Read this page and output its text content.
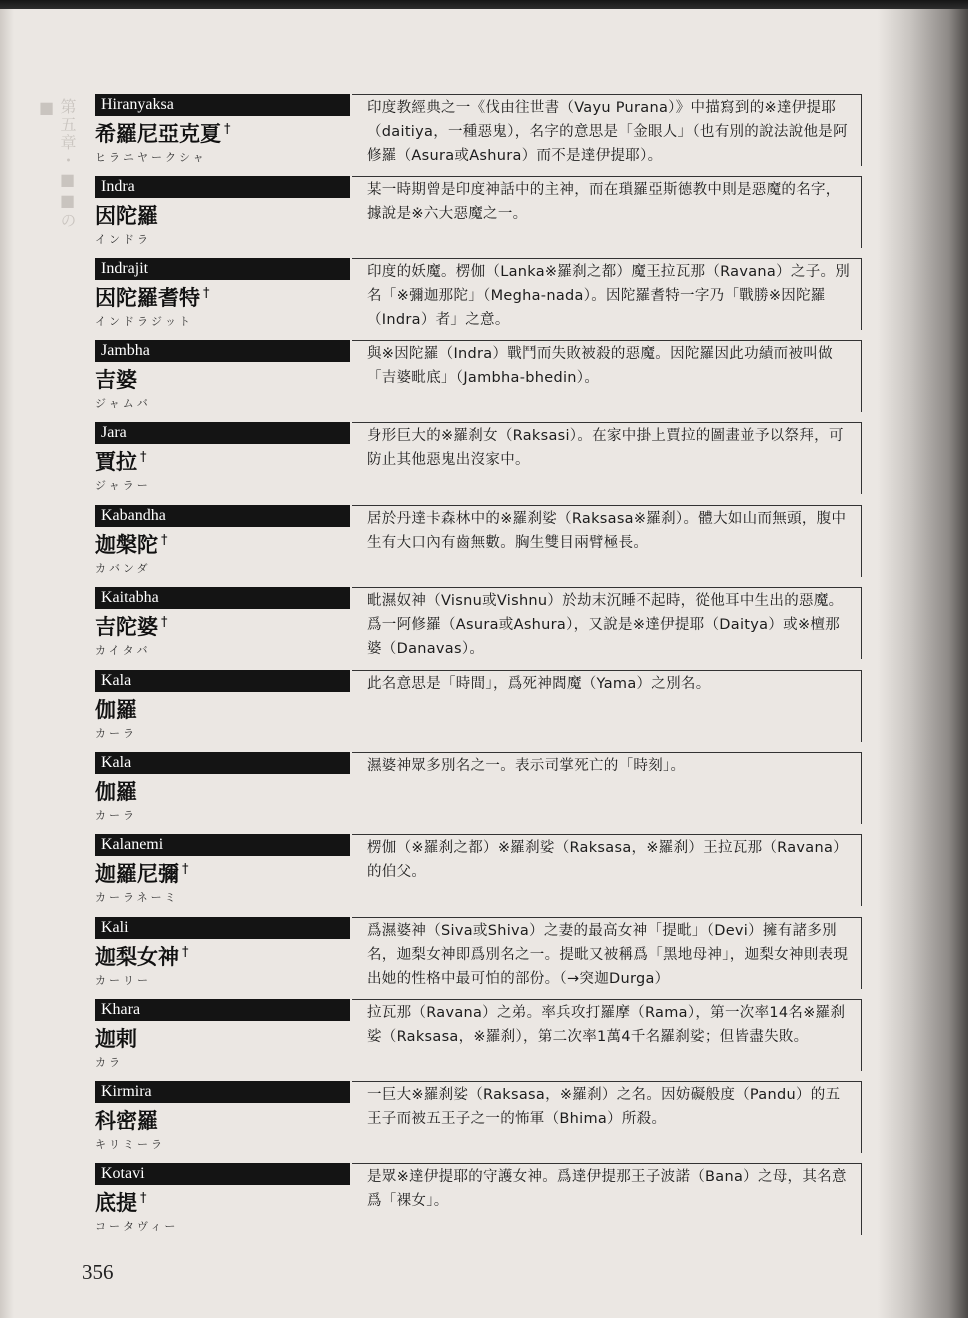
第五章・■■の■	Hiranyaksa
希羅尼亞克夏 †
ヒラニヤークシャ
印度教經典之一《伐由往世書（Vayu Purana）》中描寫到的※達伊提耶（daitiya，一種惡鬼），名字的意思是「金眼人」（也有別的說法說他是阿修羅（Asura或Ashura）而不是達伊提耶）。
Indra
因陀羅
インドラ
某一時期曾是印度神話中的主神，而在瑣羅亞斯德教中則是惡魔的名字，據說是※六大惡魔之一。
Indrajit
因陀羅耆特 †
インドラジット
印度的妖魔。楞伽（Lanka※羅刹之都）魔王拉瓦那（Ravana）之子。別名「※彌迦那陀」（Megha-nada）。因陀羅耆特一字乃「戰勝※因陀羅（Indra）者」之意。
Jambha
吉婆
ジャムバ
與※因陀羅（Indra）戰鬥而失敗被殺的惡魔。因陀羅因此功績而被叫做「吉婆毗底」（Jambha-bhedin）。
Jara
賈拉 †
ジャラー
身形巨大的※羅刹女（Raksasi）。在家中掛上賈拉的圖畫並予以祭拜，可防止其他惡鬼出沒家中。
Kabandha
迦槃陀 †
カバンダ
居於丹達卡森林中的※羅刹娑（Raksasa※羅刹）。體大如山而無頭，腹中生有大口內有齒無數。胸生雙目兩臂極長。
Kaitabha
吉陀婆 †
カイタバ
毗濕奴神（Visnu或Vishnu）於劫末沉睡不起時，從他耳中生出的惡魔。爲一阿修羅（Asura或Ashura），又說是※達伊提耶（Daitya）或※檀那婆（Danavas）。
Kala
伽羅
カーラ
此名意思是「時間」，爲死神閻魔（Yama）之別名。
Kala
伽羅
カーラ
濕婆神眾多別名之一。表示司掌死亡的「時刻」。
Kalanemi
迦羅尼彌 †
カーラネーミ
楞伽（※羅刹之都）※羅刹娑（Raksasa，※羅刹）王拉瓦那（Ravana）的伯父。
Kali
迦梨女神 †
カーリー
爲濕婆神（Siva或Shiva）之妻的最高女神「提毗」（Devi）擁有諸多別名，迦梨女神即爲別名之一。提毗又被稱爲「黑地母神」，迦梨女神則表現出她的性格中最可怕的部份。（→突迦Durga）
Khara
迦剌
カラ
拉瓦那（Ravana）之弟。率兵攻打羅摩（Rama），第一次率14名※羅刹娑（Raksasa，※羅刹），第二次率1萬4千名羅刹娑；但皆盡失敗。
Kirmira
科密羅
キリミーラ
一巨大※羅刹娑（Raksasa，※羅刹）之名。因妨礙般度（Pandu）的五王子而被五王子之一的怖軍（Bhima）所殺。
Kotavi
底提 †
コータヴィー
是眾※達伊提耶的守護女神。爲達伊提那王子波諾（Bana）之母，其名意爲「裸女」。
356
